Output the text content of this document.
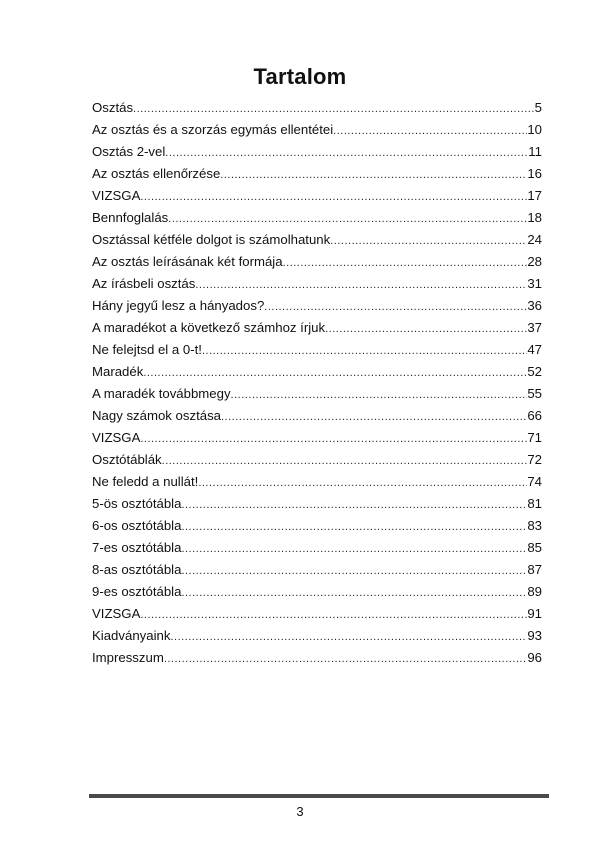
Tartalom
Osztás .....	5
Az osztás és a szorzás egymás ellentétei .....	10
Osztás 2-vel .....	11
Az osztás ellenőrzése .....	16
VIZSGA .....	17
Bennfoglalás .....	18
Osztással kétféle dolgot is számolhatunk .....	24
Az osztás leírásának két formája .....	28
Az írásbeli osztás .....	31
Hány jegyű lesz a hányados? .....	36
A maradékot a következő számhoz írjuk .....	37
Ne felejtsd el a 0-t! .....	47
Maradék .....	52
A maradék továbbmegy .....	55
Nagy számok osztása .....	66
VIZSGA .....	71
Osztótáblák .....	72
Ne feledd a nullát! .....	74
5-ös osztótábla .....	81
6-os osztótábla .....	83
7-es osztótábla .....	85
8-as osztótábla .....	87
9-es osztótábla .....	89
VIZSGA .....	91
Kiadványaink .....	93
Impresszum .....	96
3
